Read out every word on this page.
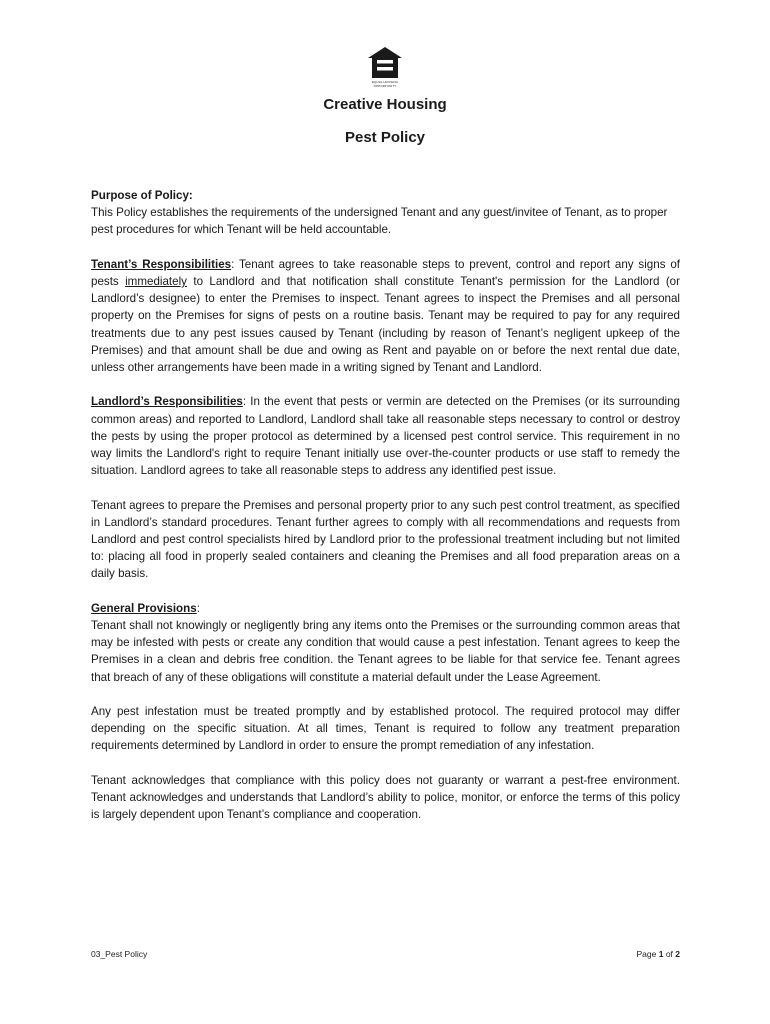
EQUAL HOUSING
OPPORTUNITY
Creative Housing
Pest Policy
Purpose of Policy:
This Policy establishes the requirements of the undersigned Tenant and any guest/invitee of Tenant, as to proper pest procedures for which Tenant will be held accountable.
Tenant’s Responsibilities: Tenant agrees to take reasonable steps to prevent, control and report any signs of pests immediately to Landlord and that notification shall constitute Tenant's permission for the Landlord (or Landlord’s designee) to enter the Premises to inspect. Tenant agrees to inspect the Premises and all personal property on the Premises for signs of pests on a routine basis. Tenant may be required to pay for any required treatments due to any pest issues caused by Tenant (including by reason of Tenant’s negligent upkeep of the Premises) and that amount shall be due and owing as Rent and payable on or before the next rental due date, unless other arrangements have been made in a writing signed by Tenant and Landlord.
Landlord’s Responsibilities: In the event that pests or vermin are detected on the Premises (or its surrounding common areas) and reported to Landlord, Landlord shall take all reasonable steps necessary to control or destroy the pests by using the proper protocol as determined by a licensed pest control service. This requirement in no way limits the Landlord's right to require Tenant initially use over-the-counter products or use staff to remedy the situation. Landlord agrees to take all reasonable steps to address any identified pest issue.
Tenant agrees to prepare the Premises and personal property prior to any such pest control treatment, as specified in Landlord’s standard procedures. Tenant further agrees to comply with all recommendations and requests from Landlord and pest control specialists hired by Landlord prior to the professional treatment including but not limited to: placing all food in properly sealed containers and cleaning the Premises and all food preparation areas on a daily basis.
General Provisions:
Tenant shall not knowingly or negligently bring any items onto the Premises or the surrounding common areas that may be infested with pests or create any condition that would cause a pest infestation. Tenant agrees to keep the Premises in a clean and debris free condition. the Tenant agrees to be liable for that service fee. Tenant agrees that breach of any of these obligations will constitute a material default under the Lease Agreement.
Any pest infestation must be treated promptly and by established protocol. The required protocol may differ depending on the specific situation. At all times, Tenant is required to follow any treatment preparation requirements determined by Landlord in order to ensure the prompt remediation of any infestation.
Tenant acknowledges that compliance with this policy does not guaranty or warrant a pest-free environment. Tenant acknowledges and understands that Landlord’s ability to police, monitor, or enforce the terms of this policy is largely dependent upon Tenant’s compliance and cooperation.
03_Pest Policy	Page 1 of 2
